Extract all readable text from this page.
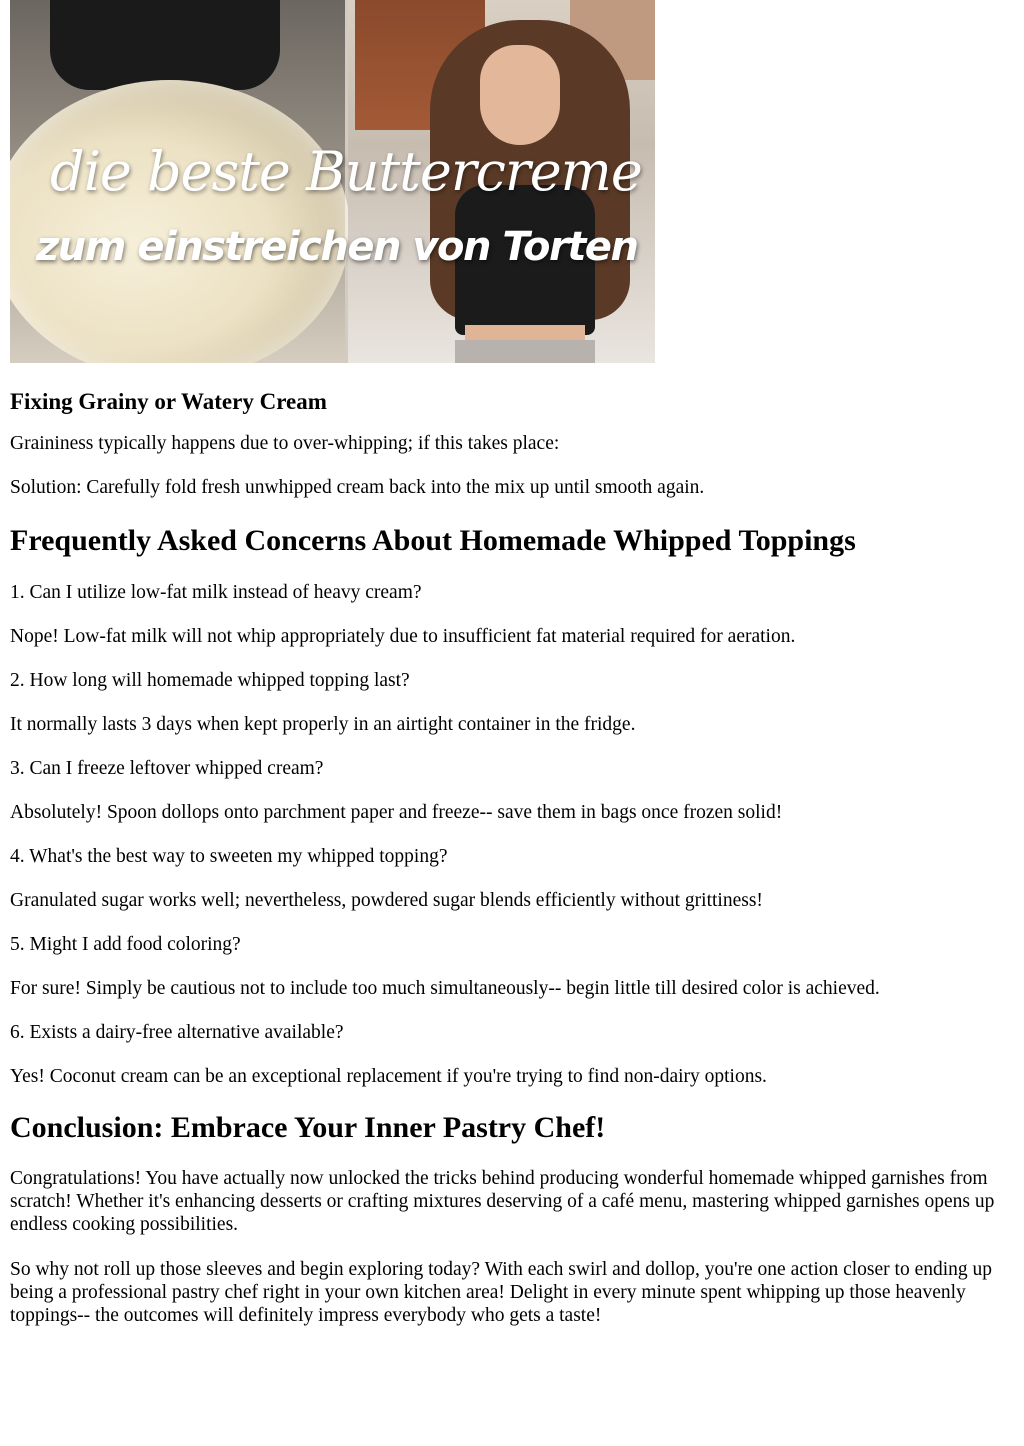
die beste Buttercreme
zum einstreichen von Torten
Fixing Grainy or Watery Cream

Graininess typically happens due to over-whipping; if this takes place:

Solution: Carefully fold fresh unwhipped cream back into the mix up until smooth again.

Frequently Asked Concerns About Homemade Whipped Toppings

1. Can I utilize low-fat milk instead of heavy cream?

Nope! Low-fat milk will not whip appropriately due to insufficient fat material required for aeration.

2. How long will homemade whipped topping last?

It normally lasts 3 days when kept properly in an airtight container in the fridge.

3. Can I freeze leftover whipped cream?

Absolutely! Spoon dollops onto parchment paper and freeze-- save them in bags once frozen solid!

4. What's the best way to sweeten my whipped topping?

Granulated sugar works well; nevertheless, powdered sugar blends efficiently without grittiness!

5. Might I add food coloring?

For sure! Simply be cautious not to include too much simultaneously-- begin little till desired color is achieved.

6. Exists a dairy-free alternative available?

Yes! Coconut cream can be an exceptional replacement if you're trying to find non-dairy options.

Conclusion: Embrace Your Inner Pastry Chef!

Congratulations! You have actually now unlocked the tricks behind producing wonderful homemade whipped garnishes from scratch! Whether it's enhancing desserts or crafting mixtures deserving of a café menu, mastering whipped garnishes opens up endless cooking possibilities.

So why not roll up those sleeves and begin exploring today? With each swirl and dollop, you're one action closer to ending up being a professional pastry chef right in your own kitchen area! Delight in every minute spent whipping up those heavenly toppings-- the outcomes will definitely impress everybody who gets a taste!
